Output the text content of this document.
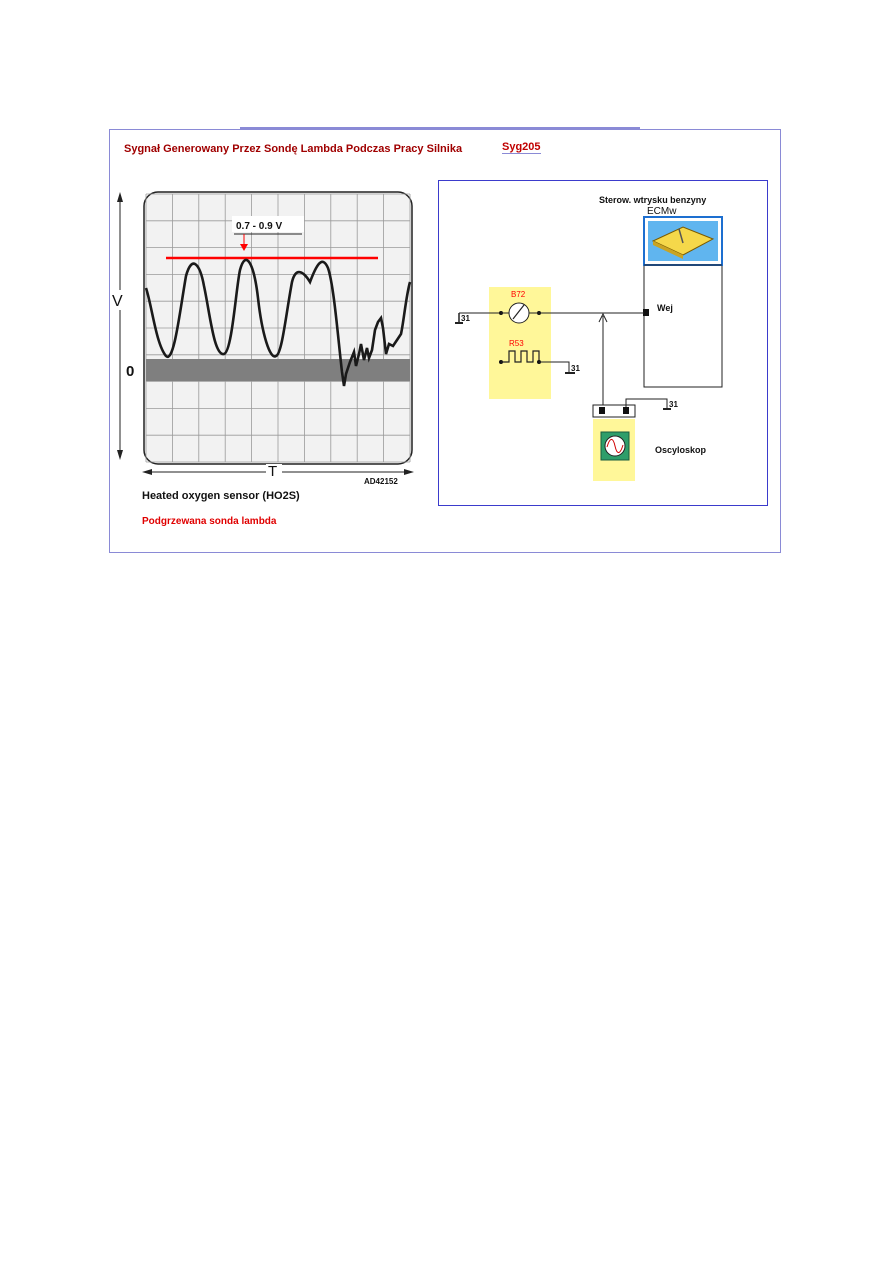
Sygnał Generowany Przez Sondę Lambda Podczas Pracy Silnika	Syg205
V
0
0.7 - 0.9 V
T
AD42152
Heated oxygen sensor (HO2S)
Podgrzewana sonda lambda
Sterow. wtrysku benzyny
ECMw
Wej
31
B72
R53
31
31
Oscyloskop
